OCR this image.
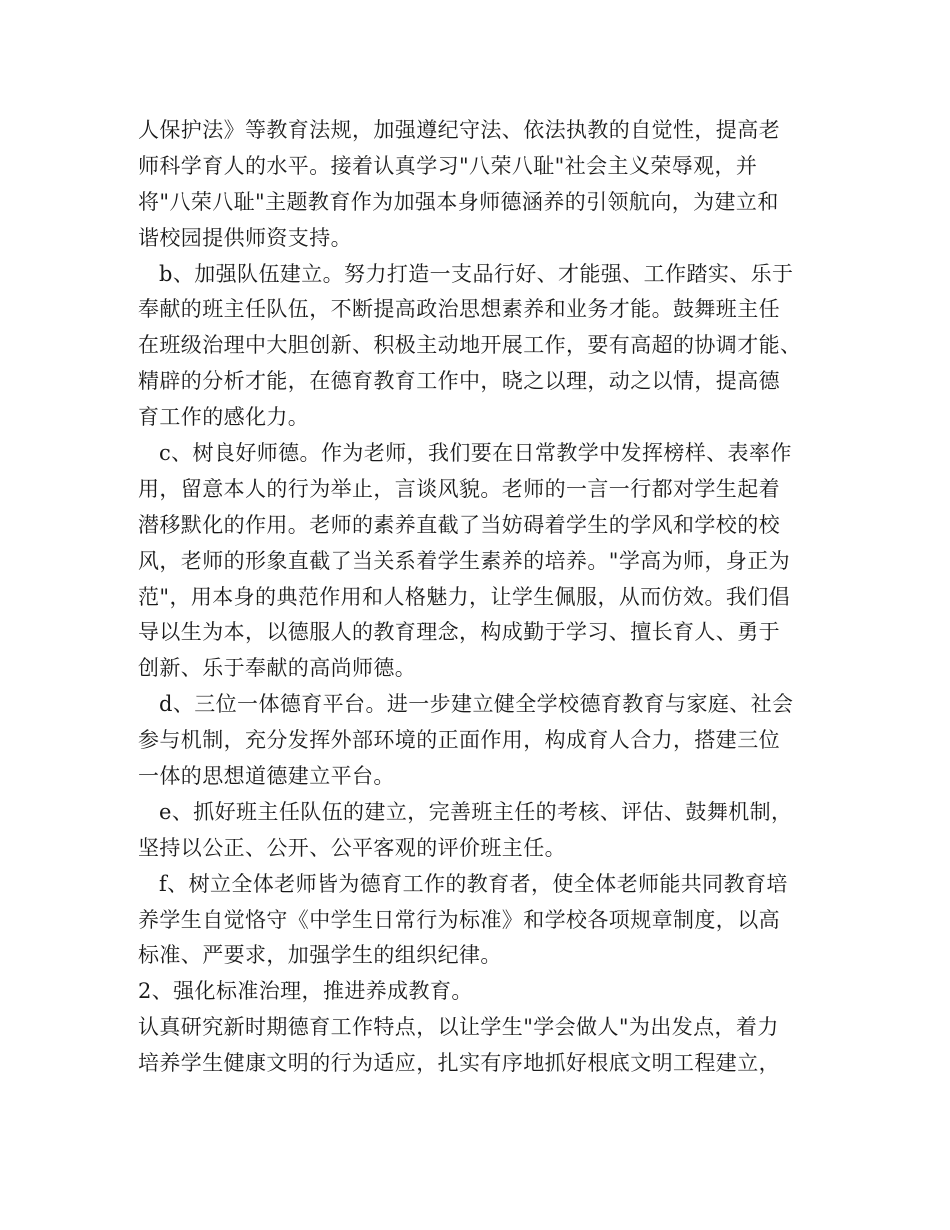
人保护法》等教育法规，加强遵纪守法、依法执教的自觉性，提高老
师科学育人的水平。接着认真学习"八荣八耻"社会主义荣辱观，并
将"八荣八耻"主题教育作为加强本身师德涵养的引领航向，为建立和
谐校园提供师资支持。
b、加强队伍建立。努力打造一支品行好、才能强、工作踏实、乐于
奉献的班主任队伍，不断提高政治思想素养和业务才能。鼓舞班主任
在班级治理中大胆创新、积极主动地开展工作，要有高超的协调才能、
精辟的分析才能，在德育教育工作中，晓之以理，动之以情，提高德
育工作的感化力。
c、树良好师德。作为老师，我们要在日常教学中发挥榜样、表率作
用，留意本人的行为举止，言谈风貌。老师的一言一行都对学生起着
潜移默化的作用。老师的素养直截了当妨碍着学生的学风和学校的校
风，老师的形象直截了当关系着学生素养的培养。"学高为师，身正为
范"，用本身的典范作用和人格魅力，让学生佩服，从而仿效。我们倡
导以生为本，以德服人的教育理念，构成勤于学习、擅长育人、勇于
创新、乐于奉献的高尚师德。
d、三位一体德育平台。进一步建立健全学校德育教育与家庭、社会
参与机制，充分发挥外部环境的正面作用，构成育人合力，搭建三位
一体的思想道德建立平台。
e、抓好班主任队伍的建立，完善班主任的考核、评估、鼓舞机制，
坚持以公正、公开、公平客观的评价班主任。
f、树立全体老师皆为德育工作的教育者，使全体老师能共同教育培
养学生自觉恪守《中学生日常行为标准》和学校各项规章制度，以高
标准、严要求，加强学生的组织纪律。
2、强化标准治理，推进养成教育。
认真研究新时期德育工作特点，以让学生"学会做人"为出发点，着力
培养学生健康文明的行为适应，扎实有序地抓好根底文明工程建立，
